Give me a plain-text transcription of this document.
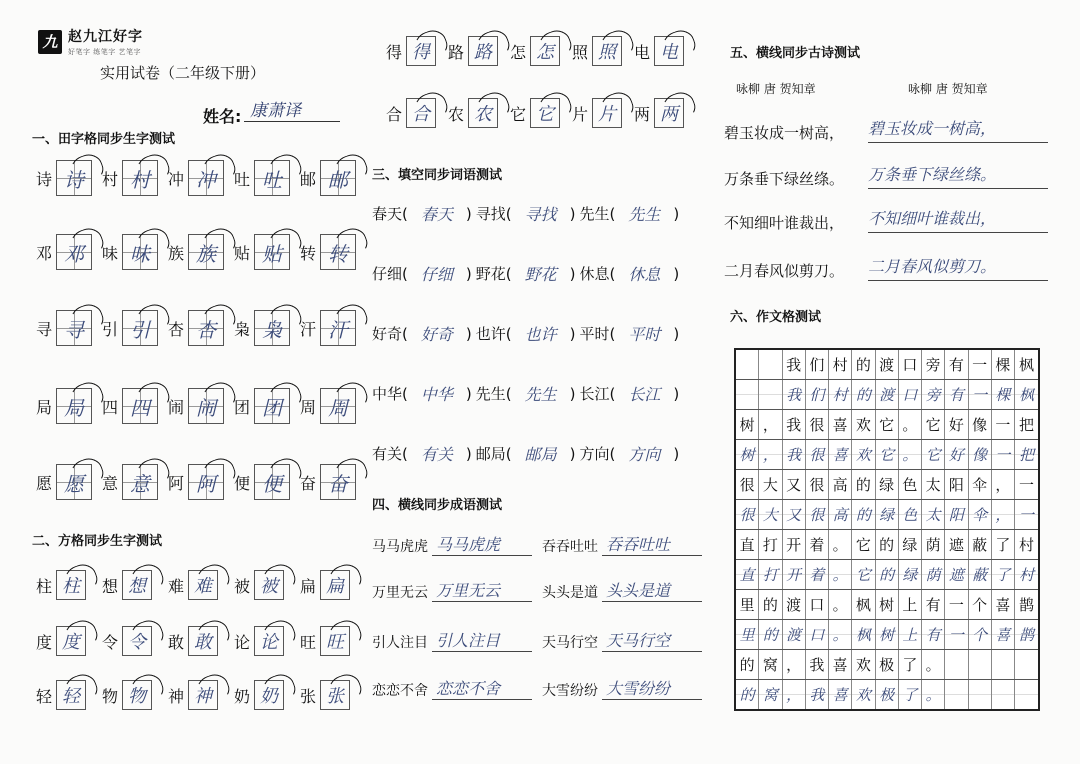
九 赵九江好字
好笔字 练笔字 艺笔字
实用试卷（二年级下册）
姓名: 康萧译
一、田字格同步生字测试
诗 诗	村 村	冲 冲	吐 吐	邮 邮
邓 邓	味 味	族 族	贴 贴	转 转
寻 寻	引 引	杏 杏	枭 枭	汗 汗
局 局	四 四	闹 闹	团 团	周 周
愿 愿	意 意	阿 阿	便 便	奋 奋
二、方格同步生字测试
柱 柱	想 想	难 难	被 被	扁 扁
度 度	令 令	敢 敢	论 论	旺 旺
轻 轻	物 物	神 神	奶 奶	张 张
得 得	路 路	怎 怎	照 照	电 电
合 合	农 农	它 它	片 片	两 两
三、填空同步词语测试
春天 ( 春天 ) 寻找 ( 寻找 ) 先生 ( 先生 )
仔细 ( 仔细 ) 野花 ( 野花 ) 休息 ( 休息 )
好奇 ( 好奇 ) 也许 ( 也许 ) 平时 ( 平时 )
中华 ( 中华 ) 先生 ( 先生 ) 长江 ( 长江 )
有关 ( 有关 ) 邮局 ( 邮局 ) 方向 ( 方向 )
四、横线同步成语测试
马马虎虎 马马虎虎	吞吞吐吐 吞吞吐吐
万里无云 万里无云	头头是道 头头是道
引人注目 引人注目	天马行空 天马行空
恋恋不舍 恋恋不舍	大雪纷纷 大雪纷纷
五、横线同步古诗测试
咏柳 唐 贺知章	咏柳 唐 贺知章
碧玉妆成一树高，	碧玉妆成一树高，
万条垂下绿丝绦。	万条垂下绿丝绦。
不知细叶谁裁出，	不知细叶谁裁出，
二月春风似剪刀。	二月春风似剪刀。
六、作文格测试
我 们 村 的 渡 口 旁 有 一 棵 枫
我 们 村 的 渡 口 旁 有 一 棵 枫
树 ， 我 很 喜 欢 它 。 它 好 像 一 把
树 ， 我 很 喜 欢 它 。 它 好 像 一 把
很 大 又 很 高 的 绿 色 太 阳 伞 ， 一
很 大 又 很 高 的 绿 色 太 阳 伞 ， 一
直 打 开 着 。 它 的 绿 荫 遮 蔽 了 村
直 打 开 着 。 它 的 绿 荫 遮 蔽 了 村
里 的 渡 口 。 枫 树 上 有 一 个 喜 鹊
里 的 渡 口 。 枫 树 上 有 一 个 喜 鹊
的 窝 ， 我 喜 欢 极 了 。
的 窝 ， 我 喜 欢 极 了 。
